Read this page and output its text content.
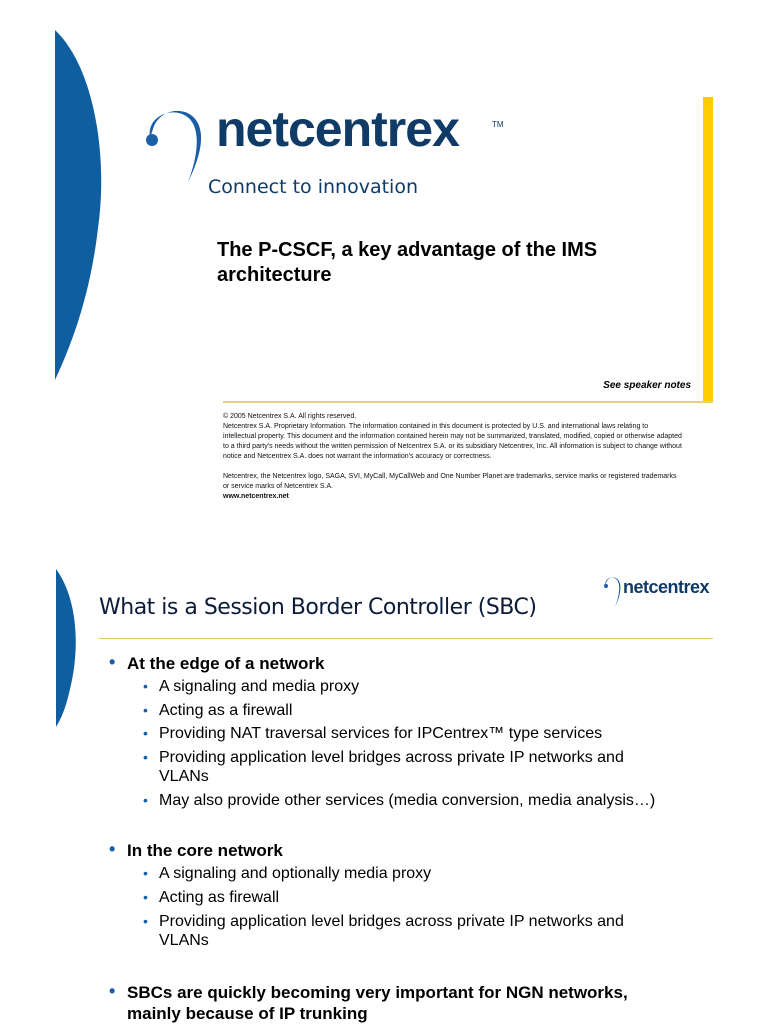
netcentrex	TM
Connect to innovation
The P-CSCF, a key advantage of the IMS architecture
See speaker notes

© 2005 Netcentrex S.A. All rights reserved.

Netcentrex S.A. Proprietary Information. The information contained in this document is protected by U.S. and international laws relating to intellectual property. This document and the information contained herein may not be summarized, translated, modified, copied or otherwise adapted to a third party's needs without the written permission of Netcentrex S.A. or its subsidiary Netcentrex, Inc. All information is subject to change without notice and Netcentrex S.A. does not warrant the information's accuracy or correctness.

Netcentrex, the Netcentrex logo, SAGA, SVI, MyCall, MyCallWeb and One Number Planet are trademarks, service marks or registered trademarks or service marks of Netcentrex S.A.

www.netcentrex.net
What is a Session Border Controller (SBC)
netcentrex
• At the edge of a network
• A signaling and media proxy
• Acting as a firewall
• Providing NAT traversal services for IPCentrex™ type services
• Providing application level bridges across private IP networks and VLANs
• May also provide other services (media conversion, media analysis…)
• In the core network
• A signaling and optionally media proxy
• Acting as firewall
• Providing application level bridges across private IP networks and VLANs
• SBCs are quickly becoming very important for NGN networks, mainly because of IP trunking
